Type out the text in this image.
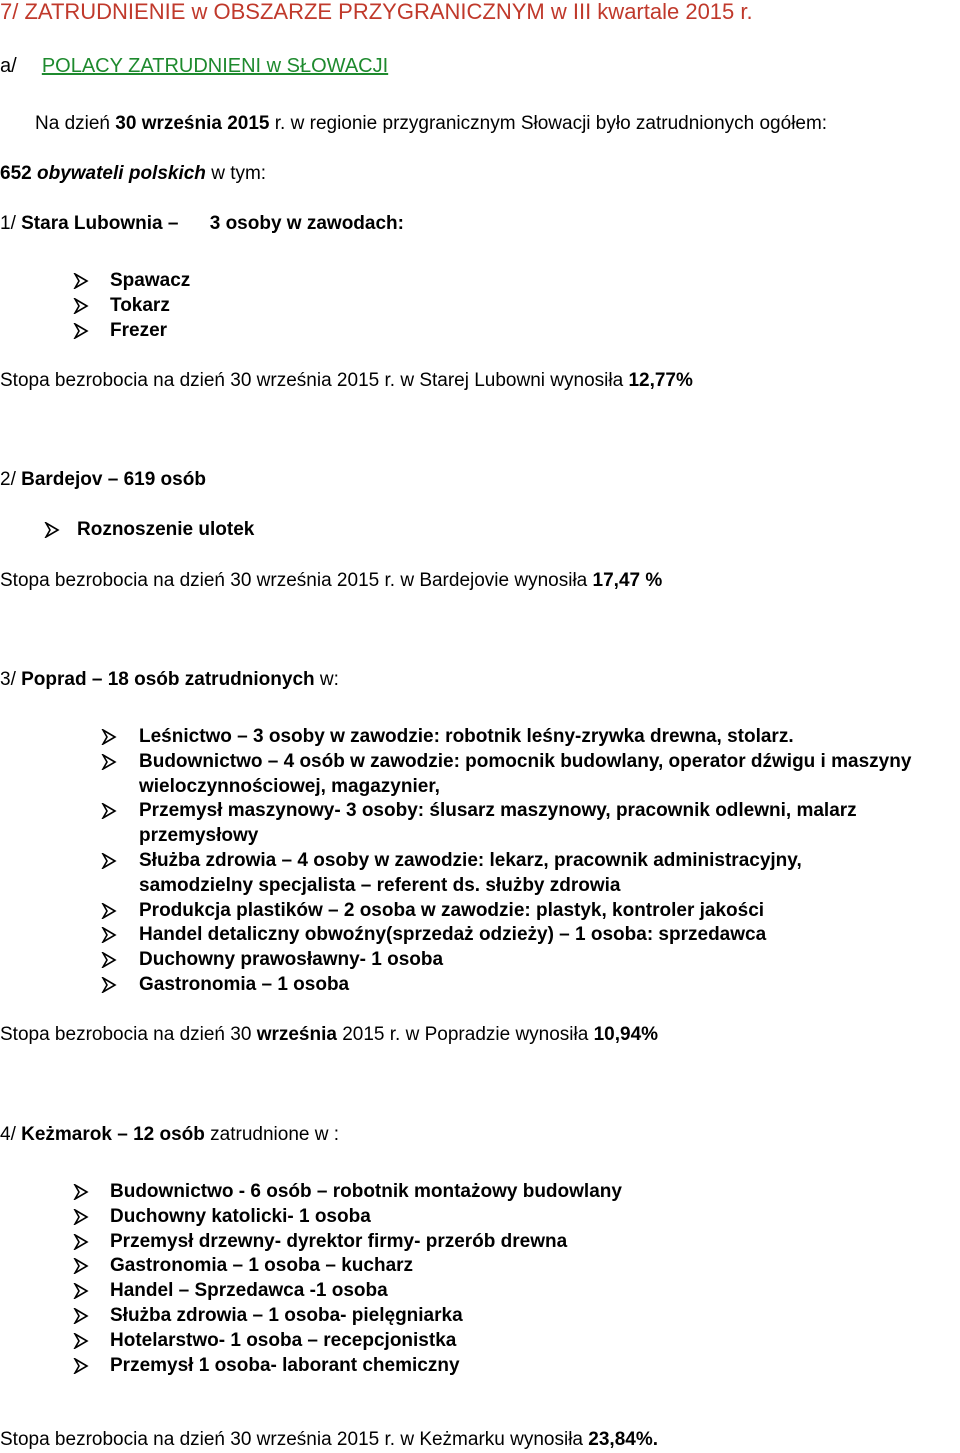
7/ ZATRUDNIENIE w OBSZARZE PRZYGRANICZNYM w III kwartale 2015 r.
a/ POLACY ZATRUDNIENI w SŁOWACJI
Na dzień 30 września 2015 r. w regionie przygranicznym Słowacji było zatrudnionych ogółem:
652 obywateli polskich w tym:
1/ Stara Lubownia – 3 osoby w zawodach:
Spawacz
Tokarz
Frezer
Stopa bezrobocia na dzień 30 września 2015 r. w Starej Lubowni wynosiła 12,77%
2/ Bardejov – 619 osób
Roznoszenie ulotek
Stopa bezrobocia na dzień 30 września 2015 r. w Bardejovie wynosiła 17,47 %
3/ Poprad – 18 osób zatrudnionych w:
Leśnictwo – 3 osoby w zawodzie: robotnik leśny-zrywka drewna, stolarz.
Budownictwo – 4 osób w zawodzie: pomocnik budowlany, operator dźwigu i maszyny wieloczynnościowej, magazynier,
Przemysł maszynowy- 3 osoby: ślusarz maszynowy, pracownik odlewni, malarz przemysłowy
Służba zdrowia – 4 osoby w zawodzie: lekarz, pracownik administracyjny, samodzielny specjalista – referent ds. służby zdrowia
Produkcja plastików – 2 osoba w zawodzie: plastyk, kontroler jakości
Handel detaliczny obwoźny(sprzedaż odzieży) – 1 osoba: sprzedawca
Duchowny prawosławny- 1 osoba
Gastronomia – 1 osoba
Stopa bezrobocia na dzień 30 września 2015 r. w Popradzie wynosiła 10,94%
4/ Keżmarok – 12 osób zatrudnione w :
Budownictwo - 6 osób – robotnik montażowy budowlany
Duchowny katolicki- 1 osoba
Przemysł drzewny- dyrektor firmy- przerób drewna
Gastronomia – 1 osoba – kucharz
Handel – Sprzedawca -1 osoba
Służba zdrowia – 1 osoba- pielęgniarka
Hotelarstwo- 1 osoba – recepcjonistka
Przemysł 1 osoba- laborant chemiczny
Stopa bezrobocia na dzień 30 września 2015 r. w Keżmarku wynosiła 23,84%.
